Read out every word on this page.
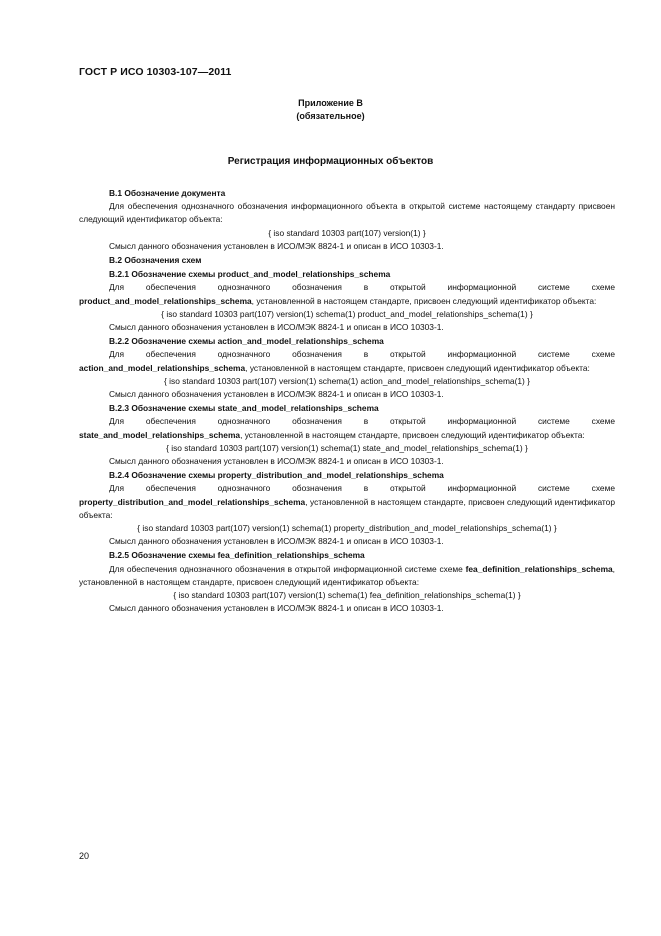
ГОСТ Р ИСО 10303-107—2011
Приложение В
(обязательное)
Регистрация информационных объектов

В.1 Обозначение документа

Для обеспечения однозначного обозначения информационного объекта в открытой системе настоящему стандарту присвоен следующий идентификатор объекта:

{ iso standard 10303 part(107) version(1) }

Смысл данного обозначения установлен в ИСО/МЭК 8824-1 и описан в ИСО 10303-1.

В.2 Обозначения схем

В.2.1 Обозначение схемы product_and_model_relationships_schema

Для обеспечения однозначного обозначения в открытой информационной системе схеме product_and_model_relationships_schema, установленной в настоящем стандарте, присвоен следующий идентификатор объекта:

{ iso standard 10303 part(107) version(1) schema(1) product_and_model_relationships_schema(1) }

Смысл данного обозначения установлен в ИСО/МЭК 8824-1 и описан в ИСО 10303-1.

В.2.2 Обозначение схемы action_and_model_relationships_schema

Для обеспечения однозначного обозначения в открытой информационной системе схеме action_and_model_relationships_schema, установленной в настоящем стандарте, присвоен следующий идентификатор объекта:

{ iso standard 10303 part(107) version(1) schema(1) action_and_model_relationships_schema(1) }

Смысл данного обозначения установлен в ИСО/МЭК 8824-1 и описан в ИСО 10303-1.

В.2.3 Обозначение схемы state_and_model_relationships_schema

Для обеспечения однозначного обозначения в открытой информационной системе схеме state_and_model_relationships_schema, установленной в настоящем стандарте, присвоен следующий идентификатор объекта:

{ iso standard 10303 part(107) version(1) schema(1) state_and_model_relationships_schema(1) }

Смысл данного обозначения установлен в ИСО/МЭК 8824-1 и описан в ИСО 10303-1.

В.2.4 Обозначение схемы property_distribution_and_model_relationships_schema

Для обеспечения однозначного обозначения в открытой информационной системе схеме property_distribution_and_model_relationships_schema, установленной в настоящем стандарте, присвоен следующий идентификатор объекта:

{ iso standard 10303 part(107) version(1) schema(1) property_distribution_and_model_relationships_schema(1) }

Смысл данного обозначения установлен в ИСО/МЭК 8824-1 и описан в ИСО 10303-1.

В.2.5 Обозначение схемы fea_definition_relationships_schema

Для обеспечения однозначного обозначения в открытой информационной системе схеме fea_definition_relationships_schema, установленной в настоящем стандарте, присвоен следующий идентификатор объекта:

{ iso standard 10303 part(107) version(1) schema(1) fea_definition_relationships_schema(1) }

Смысл данного обозначения установлен в ИСО/МЭК 8824-1 и описан в ИСО 10303-1.

20
